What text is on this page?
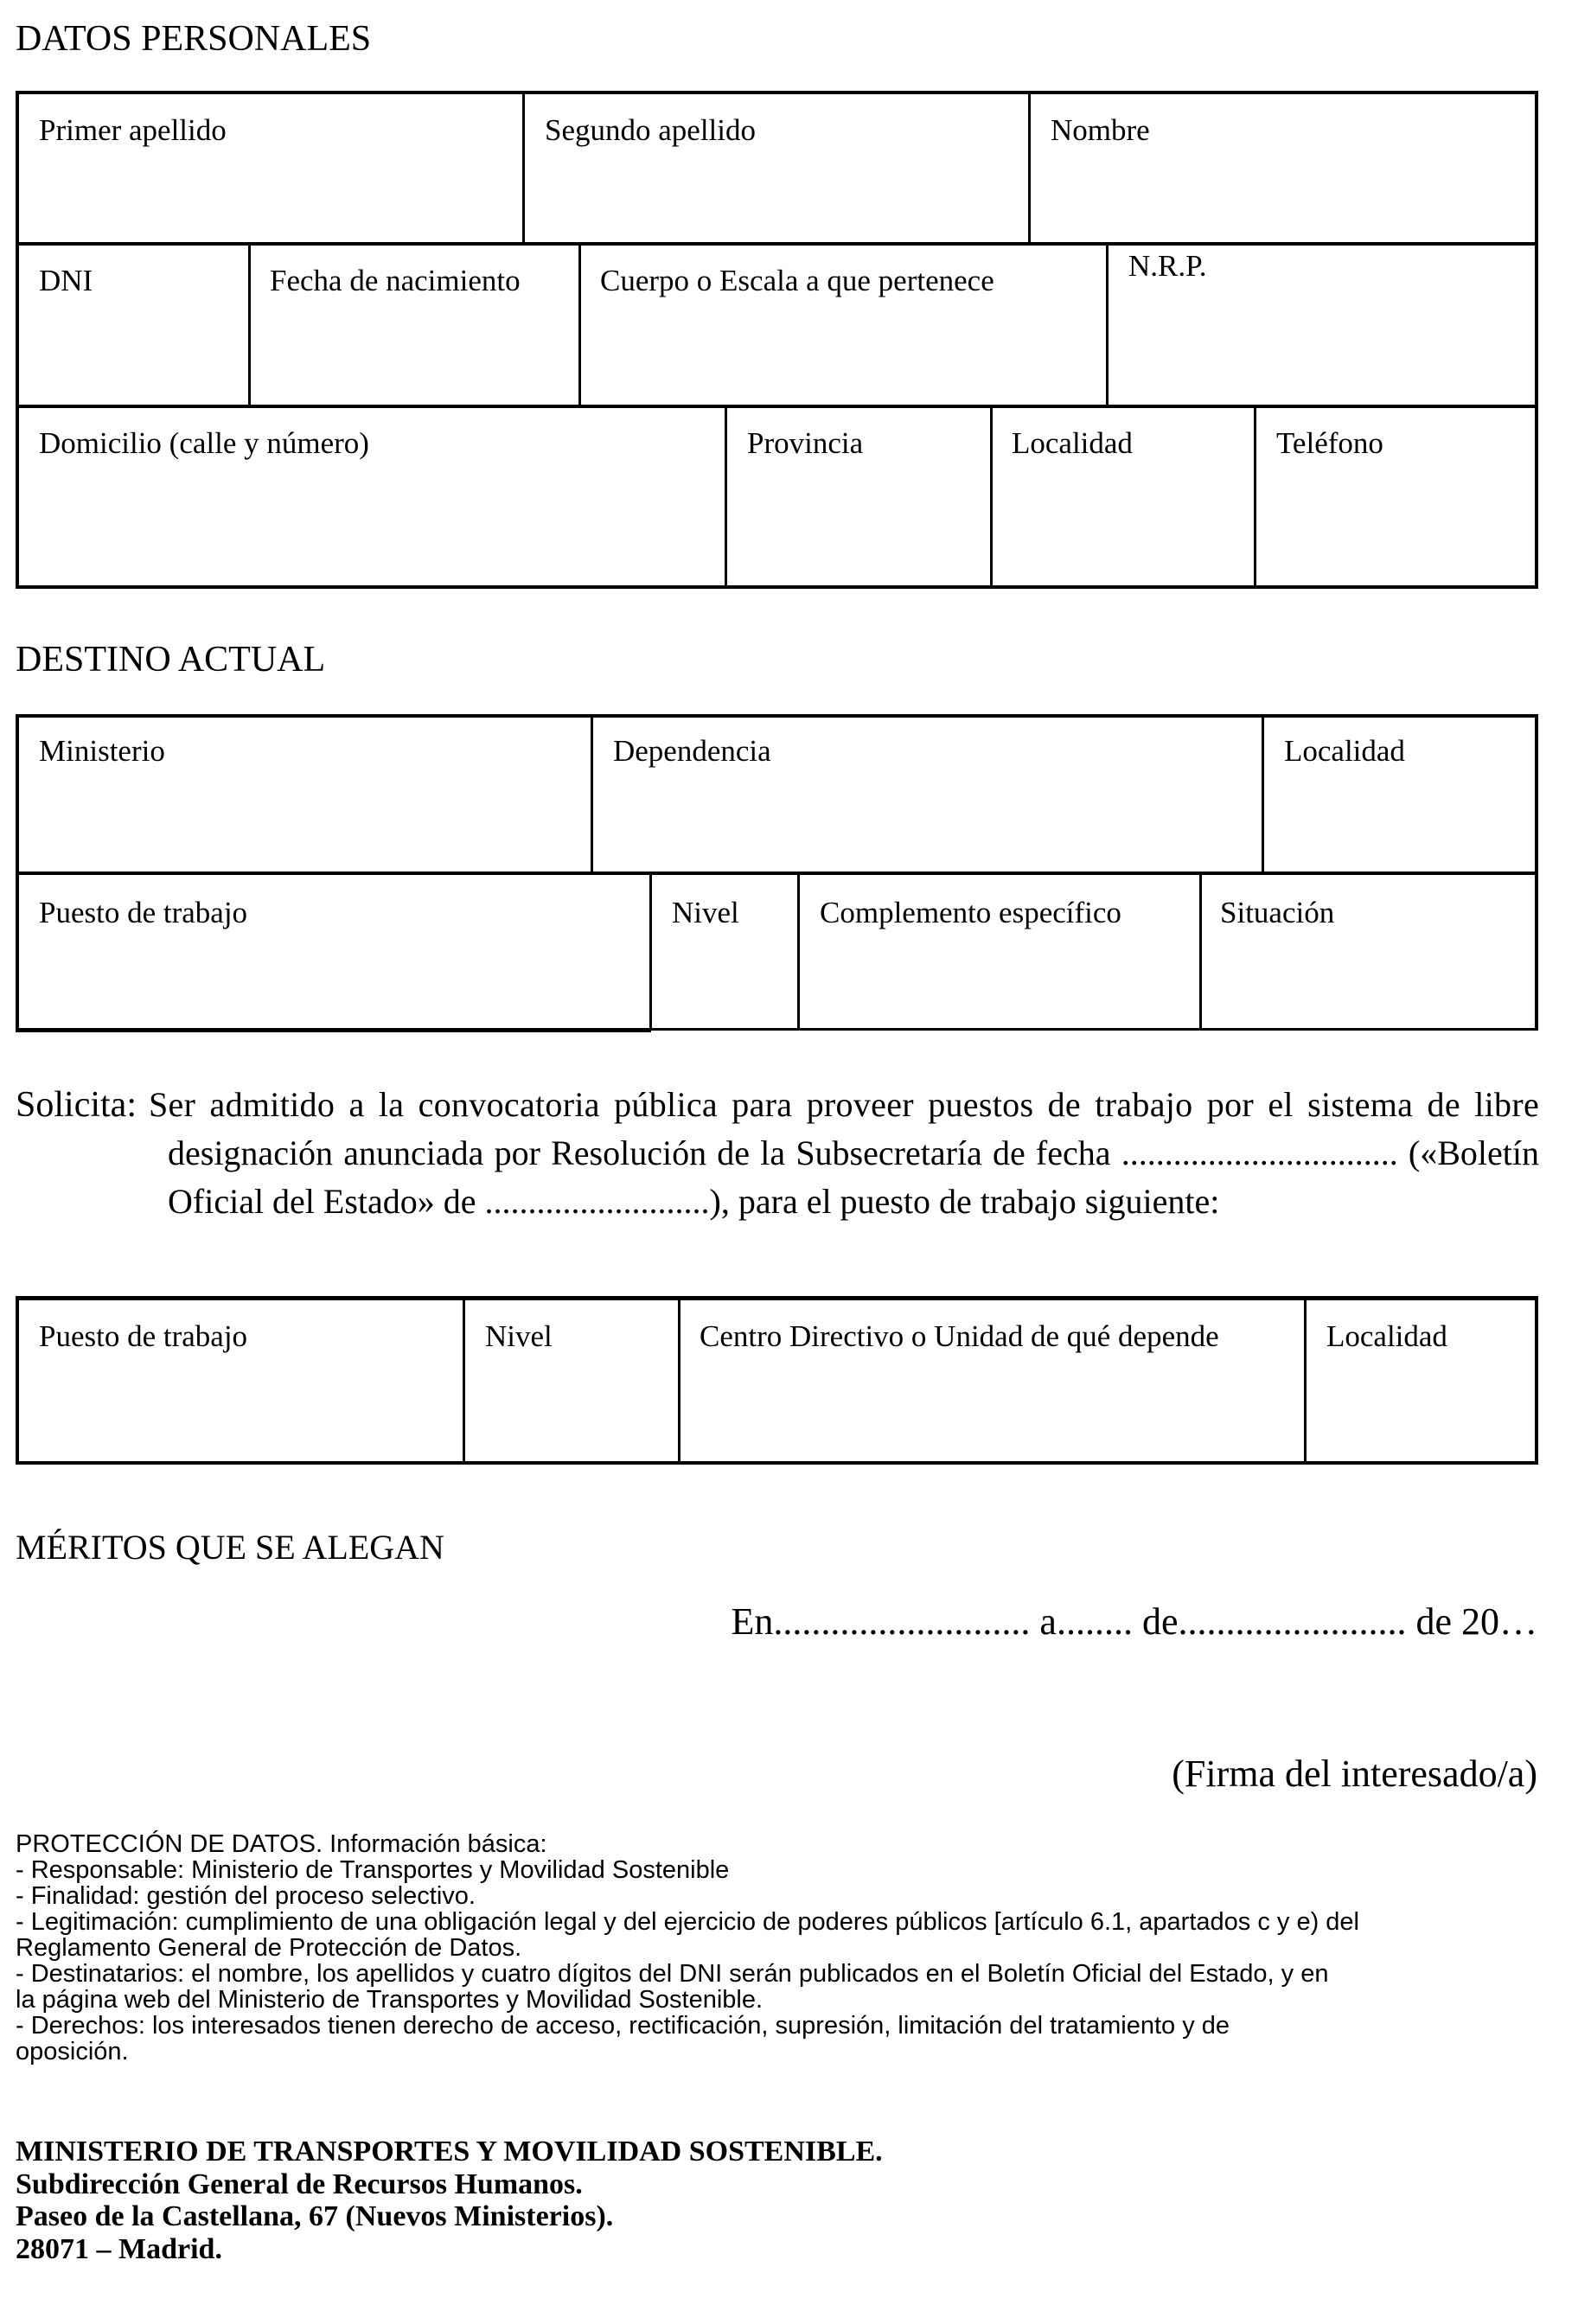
DATOS PERSONALES
Primer apellido	Segundo apellido	Nombre
DNI	Fecha de nacimiento	Cuerpo o Escala a que pertenece	N.R.P.
Domicilio (calle y número)	Provincia	Localidad	Teléfono
DESTINO ACTUAL
Ministerio	Dependencia	Localidad
Puesto de trabajo	Nivel	Complemento específico	Situación
Solicita: Ser admitido a la convocatoria pública para proveer puestos de trabajo por el sistema de libre
designación anunciada por Resolución de la Subsecretaría de fecha ................................ («Boletín
Oficial del Estado» de ..........................), para el puesto de trabajo siguiente:
Puesto de trabajo	Nivel	Centro Directivo o Unidad de qué depende	Localidad
MÉRITOS QUE SE ALEGAN
En........................... a........ de........................ de 20…
(Firma del interesado/a)
PROTECCIÓN DE DATOS. Información básica:
- Responsable: Ministerio de Transportes y Movilidad Sostenible
- Finalidad: gestión del proceso selectivo.
- Legitimación: cumplimiento de una obligación legal y del ejercicio de poderes públicos [artículo 6.1, apartados c y e) del
Reglamento General de Protección de Datos.
- Destinatarios: el nombre, los apellidos y cuatro dígitos del DNI serán publicados en el Boletín Oficial del Estado, y en
la página web del Ministerio de Transportes y Movilidad Sostenible.
- Derechos: los interesados tienen derecho de acceso, rectificación, supresión, limitación del tratamiento y de
oposición.
MINISTERIO DE TRANSPORTES Y MOVILIDAD SOSTENIBLE.
Subdirección General de Recursos Humanos.
Paseo de la Castellana, 67 (Nuevos Ministerios).
28071 – Madrid.
